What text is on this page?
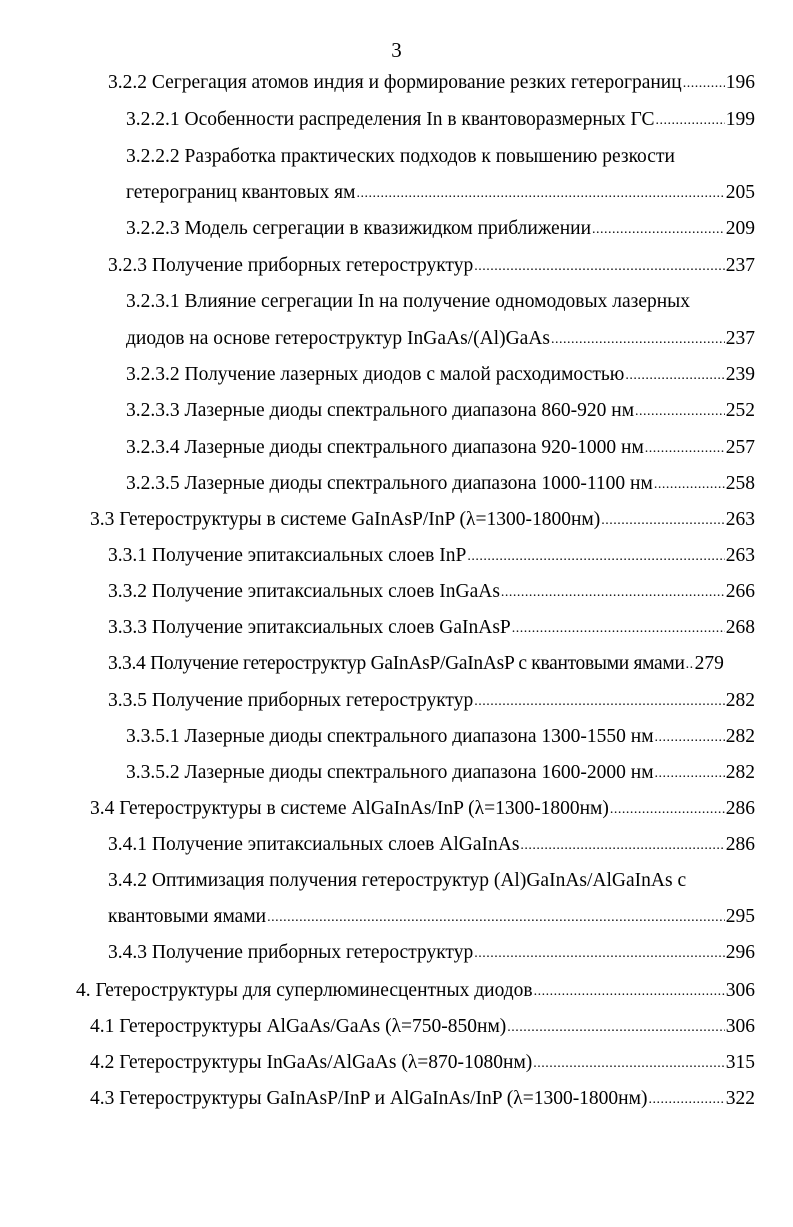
3
3.2.2 Сегрегация атомов индия и формирование резких гетерограниц ..... 196
3.2.2.1 Особенности распределения In в квантоворазмерных ГС .....	199
3.2.2.2 Разработка практических подходов к повышению резкости
гетерограниц квантовых ям .....	205
3.2.2.3 Модель сегрегации в квазижидком приближении .....	209
3.2.3 Получение приборных гетероструктур .....	237
3.2.3.1 Влияние сегрегации In на получение одномодовых лазерных
диодов на основе гетероструктур InGaAs/(Al)GaAs .....	237
3.2.3.2 Получение лазерных диодов с малой расходимостью .....	239
3.2.3.3 Лазерные диоды спектрального диапазона 860-920 нм .....	252
3.2.3.4 Лазерные диоды спектрального диапазона 920-1000 нм .....	257
3.2.3.5 Лазерные диоды спектрального диапазона 1000-1100 нм .....	258
3.3 Гетероструктуры в системе GaInAsP/InP (λ=1300-1800нм) .....	263
3.3.1 Получение эпитаксиальных слоев InP .....	263
3.3.2 Получение эпитаксиальных слоев InGaAs .....	266
3.3.3 Получение эпитаксиальных слоев GaInAsP .....	268
3.3.4 Получение гетероструктур GaInAsP/GaInAsP с квантовыми ямами ..... 279
3.3.5 Получение приборных гетероструктур .....	282
3.3.5.1 Лазерные диоды спектрального диапазона 1300-1550 нм .....	282
3.3.5.2 Лазерные диоды спектрального диапазона 1600-2000 нм .....	282
3.4 Гетероструктуры в системе AlGaInAs/InP (λ=1300-1800нм) .....	286
3.4.1 Получение эпитаксиальных слоев AlGaInAs .....	286
3.4.2 Оптимизация получения гетероструктур (Al)GaInAs/AlGaInAs с
квантовыми ямами .....	295
3.4.3 Получение приборных гетероструктур .....	296
4. Гетероструктуры для суперлюминесцентных диодов .....	306
4.1 Гетероструктуры AlGaAs/GaAs (λ=750-850нм) .....	306
4.2 Гетероструктуры InGaAs/AlGaAs (λ=870-1080нм) .....	315
4.3 Гетероструктуры GaInAsP/InP и AlGaInAs/InP (λ=1300-1800нм) .....	322
